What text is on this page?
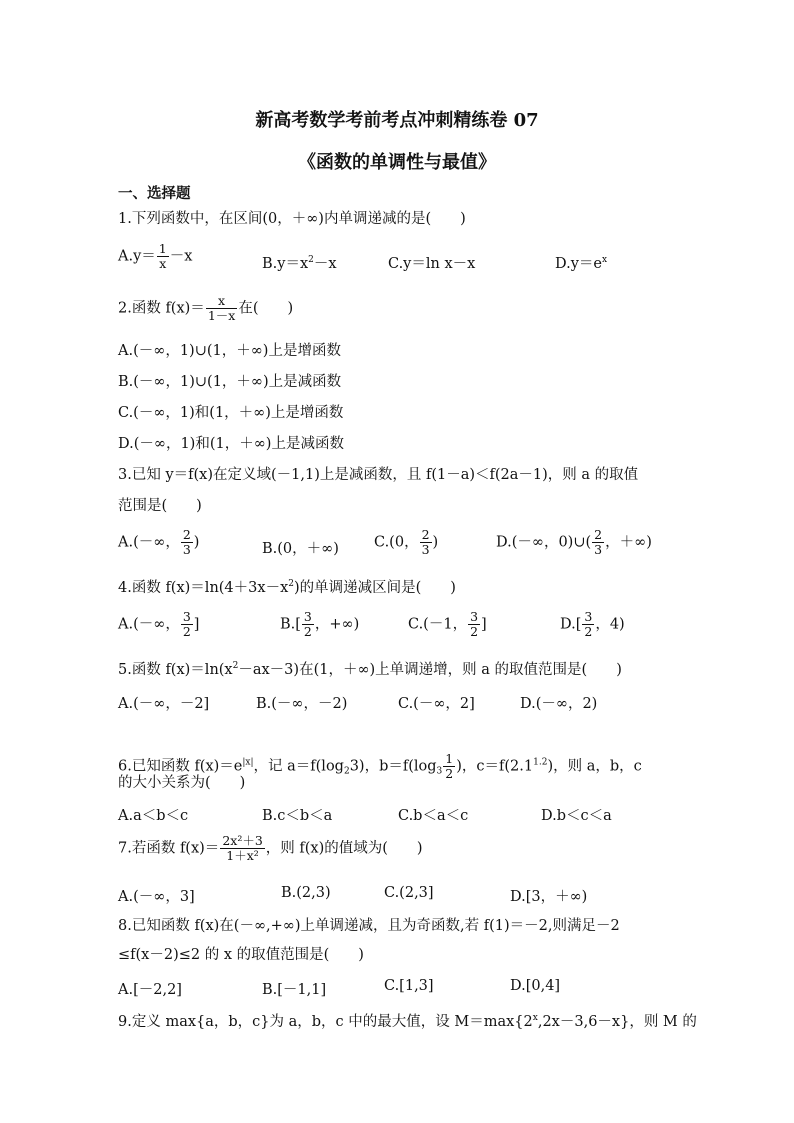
新高考数学考前考点冲刺精练卷 07
《函数的单调性与最值》
一、选择题
1.下列函数中，在区间(0，＋∞)内单调递减的是(　　)
$A.y= \frac{1}{x} -x$	$B.y=x^2-x$	C.y＝ln x－x	$D.y=e^x$
2.函数 $f(x)= \frac{x}{1-x}$ 在(　　)
A.(－∞，1)∪(1，＋∞)上是增函数
B.(－∞，1)∪(1，＋∞)上是减函数
C.(－∞，1)和(1，＋∞)上是增函数
D.(－∞，1)和(1，＋∞)上是减函数
3.已知 y＝f(x)在定义域(－1,1)上是减函数，且 f(1－a)＜f(2a－1)，则 a 的取值
范围是(　　)
A.(－∞， $\frac{2}{3}$ )	B.(0，＋∞) C.(0， $\frac{2}{3}$ )	D.(－∞，0)∪( $\frac{2}{3}$ ，＋∞)
4.函数 $f(x)=\ln(4+3x-x^2)$的单调递减区间是(　　)
A.(－∞， $\frac{3}{2}$ ]	$B.[ \frac{3}{2}$ ，+∞)	C.(－1， $\frac{3}{2}$ ]	$D.[ \frac{3}{2}$ ，4)
5.函数 $f(x)=\ln(x^2-ax-3)$在(1，＋∞)上单调递增，则 a 的取值范围是(　　)
A.(－∞，－2]	B.(－∞，－2)	C.(－∞，2]	D.(－∞，2)
6.已知函数 $f(x)=e^{|x|}$，记 $a=f(\log_23)$，$b=f(\log_3 \frac{1}{2}$ )，$c=f(2.1^{1.2})$，则 a，b，c
的大小关系为(　　)
A.a＜b＜c	B.c＜b＜a	C.b＜a＜c	D.b＜c＜a
7.若函数 $f(x)= \frac{\text{2x²＋3}}{\text{1＋x²}}$ ，则 f(x)的值域为(　　)
A.(－∞，3]	B.(2,3)	C.(2,3]	D.[3，＋∞)
8.已知函数 f(x)在(－∞,+∞)上单调递减，且为奇函数,若 f(1)＝－2,则满足－2
≤f(x－2)≤2 的 x 的取值范围是(　　)
A.[－2,2]	B.[－1,1]	C.[1,3]	D.[0,4]
9.定义 max{a，b，c}为 a，b，c 中的最大值，设 $M=\max\{2^x,2x-3,6-x\}$，则 M 的
